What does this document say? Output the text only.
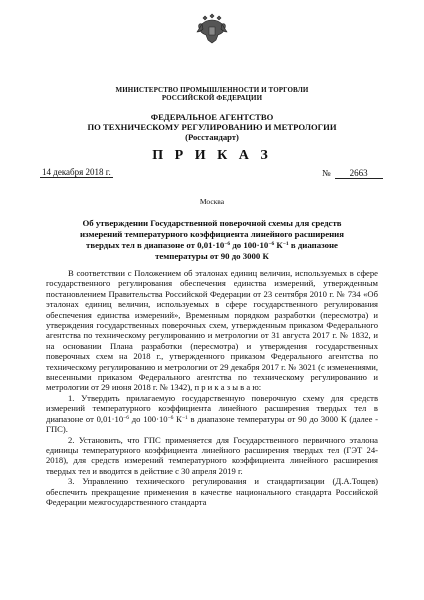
МИНИСТЕРСТВО ПРОМЫШЛЕННОСТИ И ТОРГОВЛИ
РОССИЙСКОЙ ФЕДЕРАЦИИ
ФЕДЕРАЛЬНОЕ АГЕНТСТВО
ПО ТЕХНИЧЕСКОМУ РЕГУЛИРОВАНИЮ И МЕТРОЛОГИИ
(Росстандарт)
П Р И К А З
14 декабря 2018 г.	№ 2663
Москва
Об утверждении Государственной поверочной схемы для средств
измерений температурного коэффициента линейного расширения
твердых тел в диапазоне от $0,01\cdot 10^{-6}$ до $100\cdot 10^{-6}$ $К^{-1}$ в диапазоне
температуры от 90 до 3000 К

В соответствии с Положением об эталонах единиц величин, используемых в сфере государственного регулирования обеспечения единства измерений, утвержденным постановлением Правительства Российской Федерации от 23 сентября 2010 г. № 734 «Об эталонах единиц величин, используемых в сфере государственного регулирования обеспечения единства измерений», Временным порядком разработки (пересмотра) и утверждения государственных поверочных схем, утвержденным приказом Федерального агентства по техническому регулированию и метрологии от 31 августа 2017 г. № 1832, и на основании Плана разработки (пересмотра) и утверждения государственных поверочных схем на 2018 г., утвержденного приказом Федерального агентства по техническому регулированию и метрологии от 29 декабря 2017 г. № 3021 (с изменениями, внесенными приказом Федерального агентства по техническому регулированию и метрологии от 29 июня 2018 г. № 1342), п р и к а з ы в а ю:

1. Утвердить прилагаемую государственную поверочную схему для средств измерений температурного коэффициента линейного расширения твердых тел в диапазоне от $0,01\cdot 10^{-6}$ до $100\cdot 10^{-6}$ $К^{-1}$ в диапазоне температуры от 90 до 3000 К (далее - ГПС).

2. Установить, что ГПС применяется для Государственного первичного эталона единицы температурного коэффициента линейного расширения твердых тел (ГЭТ 24-2018), для средств измерений температурного коэффициента линейного расширения твердых тел и вводится в действие с 30 апреля 2019 г.

3. Управлению технического регулирования и стандартизации (Д.А.Тощев) обеспечить прекращение применения в качестве национального стандарта Российской Федерации межгосударственного стандарта
